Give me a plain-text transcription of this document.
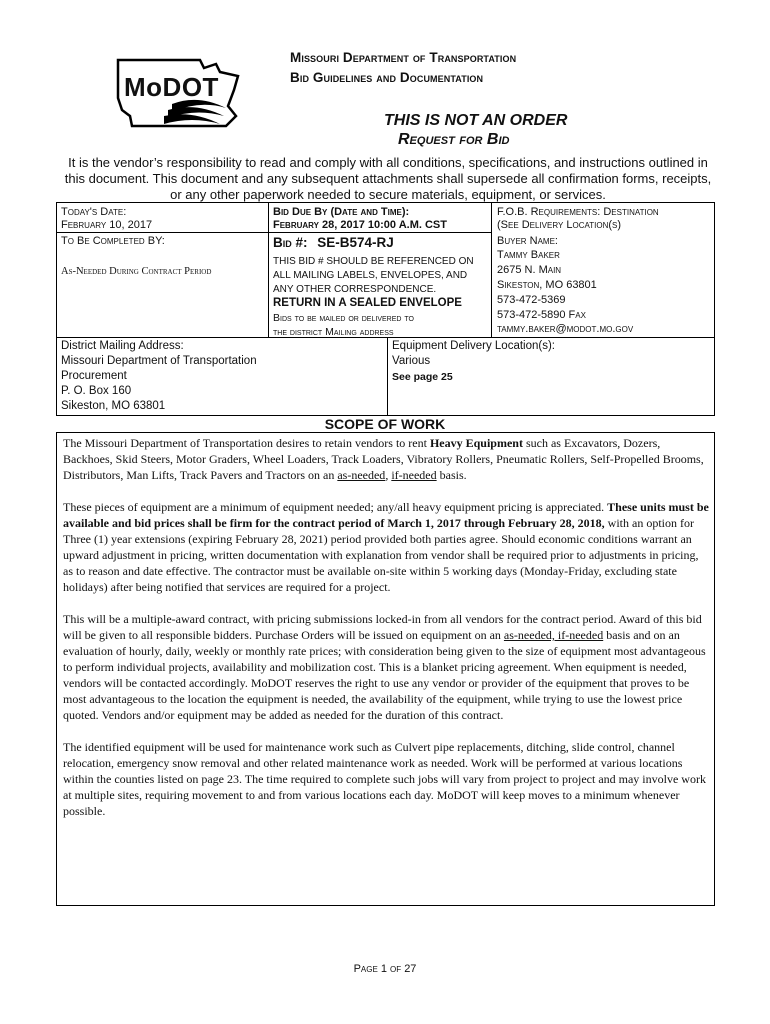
MoDOT
Missouri Department of Transportation
Bid Guidelines and Documentation
THIS IS NOT AN ORDER
Request for Bid
It is the vendor’s responsibility to read and comply with all conditions, specifications, and instructions outlined in this document. This document and any subsequent attachments shall supersede all confirmation forms, receipts, or any other paperwork needed to secure materials, equipment, or services.
Today's Date:
February 10, 2017
To Be Completed BY:
As-Needed During Contract Period
Bid Due By (Date and Time):
February 28, 2017 10:00 A.M. CST
Bid #: SE-B574-RJ
THIS BID # SHOULD BE REFERENCED ON
ALL MAILING LABELS, ENVELOPES, AND
ANY OTHER CORRESPONDENCE.
RETURN IN A SEALED ENVELOPE
Bids to be mailed or delivered to
the district Mailing address
F.O.B. Requirements: Destination
(See Delivery Location(s)
Buyer Name:
Tammy Baker
2675 N. Main
Sikeston, MO 63801
573-472-5369
573-472-5890 Fax
tammy.baker@modot.mo.gov
District Mailing Address:
Missouri Department of Transportation
Procurement
P. O. Box 160
Sikeston, MO 63801
Equipment Delivery Location(s):
Various
See page 25
SCOPE OF WORK

The Missouri Department of Transportation desires to retain vendors to rent Heavy Equipment such as Excavators, Dozers, Backhoes, Skid Steers, Motor Graders, Wheel Loaders, Track Loaders, Vibratory Rollers, Pneumatic Rollers, Self-Propelled Brooms, Distributors, Man Lifts, Track Pavers and Tractors on an as-needed, if-needed basis.

These pieces of equipment are a minimum of equipment needed; any/all heavy equipment pricing is appreciated. These units must be available and bid prices shall be firm for the contract period of March 1, 2017 through February 28, 2018, with an option for Three (1) year extensions (expiring February 28, 2021) period provided both parties agree. Should economic conditions warrant an upward adjustment in pricing, written documentation with explanation from vendor shall be required prior to adjustments in pricing, as to reason and date effective. The contractor must be available on-site within 5 working days (Monday-Friday, excluding state holidays) after being notified that services are required for a project.

This will be a multiple-award contract, with pricing submissions locked-in from all vendors for the contract period. Award of this bid will be given to all responsible bidders. Purchase Orders will be issued on equipment on an as-needed, if-needed basis and on an evaluation of hourly, daily, weekly or monthly rate prices; with consideration being given to the size of equipment most advantageous to perform individual projects, availability and mobilization cost. This is a blanket pricing agreement. When equipment is needed, vendors will be contacted accordingly. MoDOT reserves the right to use any vendor or provider of the equipment that proves to be most advantageous to the location the equipment is needed, the availability of the equipment, while trying to use the lowest price quoted. Vendors and/or equipment may be added as needed for the duration of this contract.

The identified equipment will be used for maintenance work such as Culvert pipe replacements, ditching, slide control, channel relocation, emergency snow removal and other related maintenance work as needed. Work will be performed at various locations within the counties listed on page 23. The time required to complete such jobs will vary from project to project and may involve work at multiple sites, requiring movement to and from various locations each day. MoDOT will keep moves to a minimum whenever possible.

Page 1 of 27
